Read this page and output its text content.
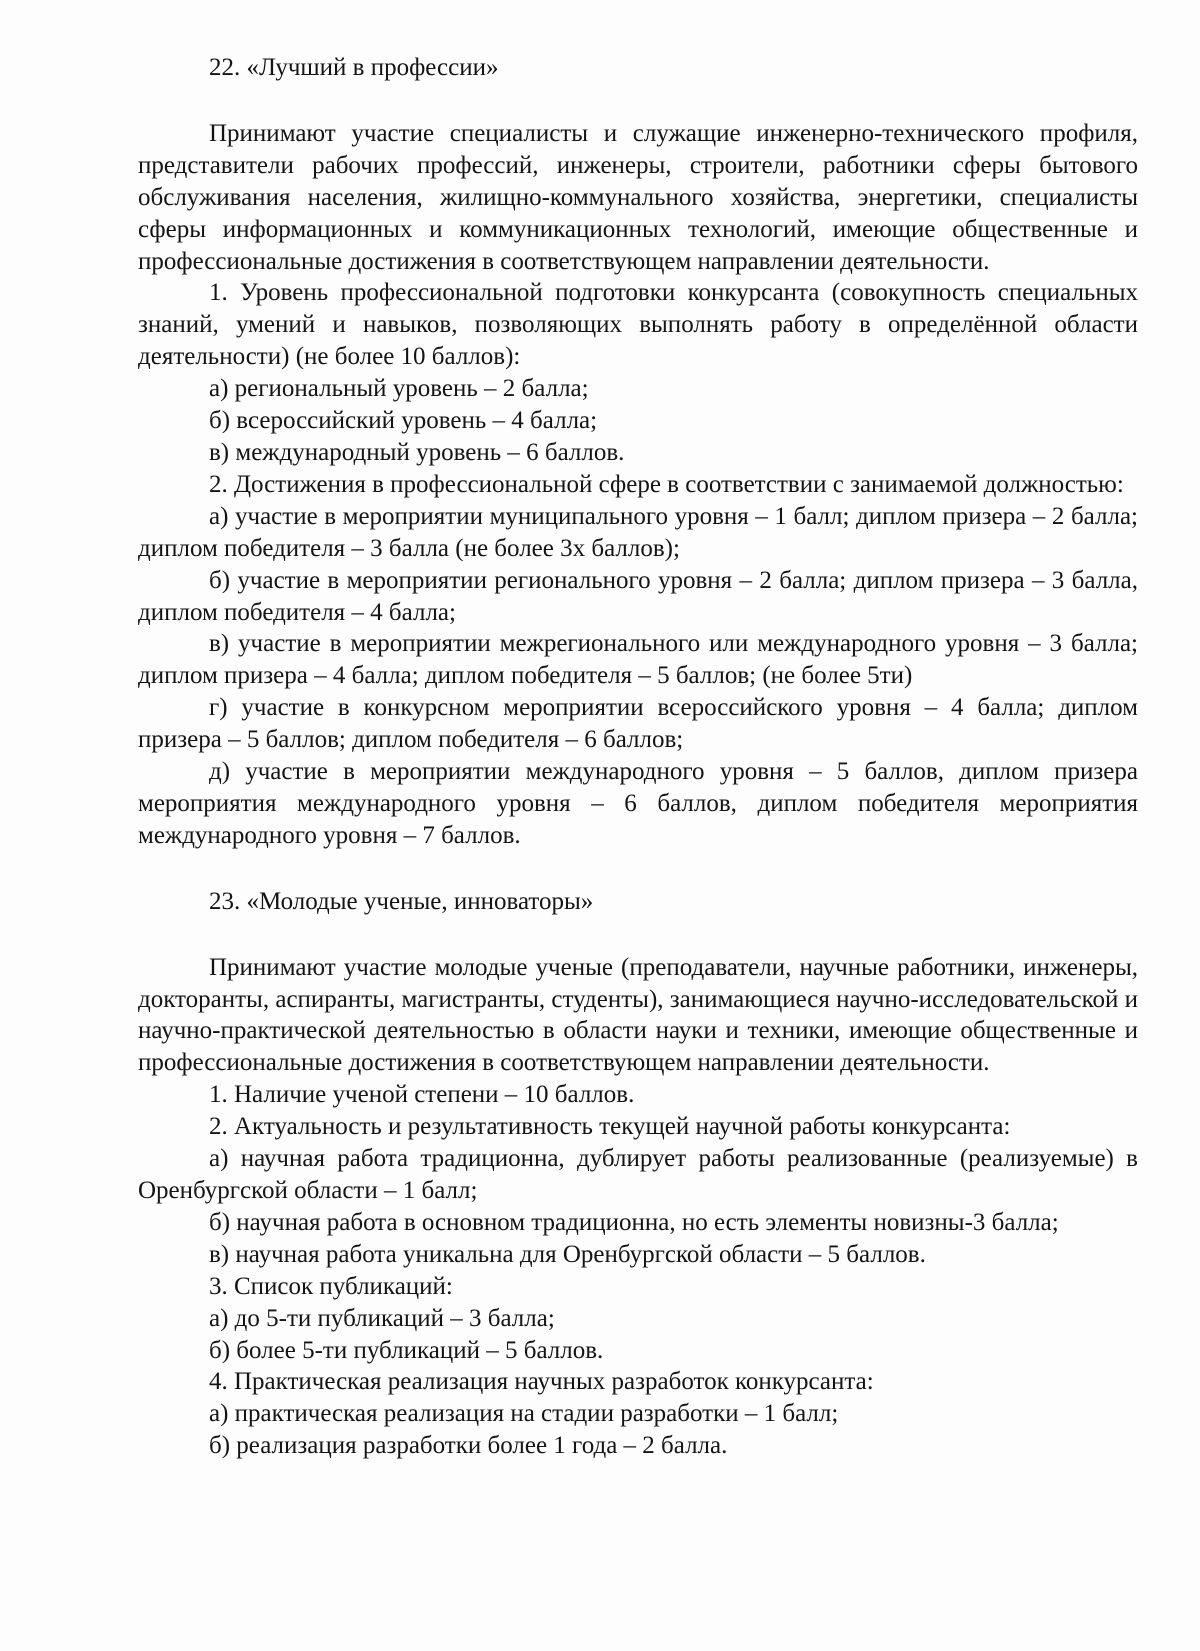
22. «Лучший в профессии»

Принимают участие специалисты и служащие инженерно-технического профиля, представители рабочих профессий, инженеры, строители, работники сферы бытового обслуживания населения, жилищно-коммунального хозяйства, энергетики, специалисты сферы информационных и коммуникационных технологий, имеющие общественные и профессиональные достижения в соответствующем направлении деятельности.

1. Уровень профессиональной подготовки конкурсанта (совокупность специальных знаний, умений и навыков, позволяющих выполнять работу в определённой области деятельности) (не более 10 баллов):

а) региональный уровень – 2 балла;

б) всероссийский уровень – 4 балла;

в) международный уровень – 6 баллов.

2. Достижения в профессиональной сфере в соответствии с занимаемой должностью:

а) участие в мероприятии муниципального уровня – 1 балл; диплом призера – 2 балла; диплом победителя – 3 балла (не более 3х баллов);

б) участие в мероприятии регионального уровня – 2 балла; диплом призера – 3 балла, диплом победителя – 4 балла;

в) участие в мероприятии межрегионального или международного уровня – 3 балла; диплом призера – 4 балла; диплом победителя – 5 баллов; (не более 5ти)

г) участие в конкурсном мероприятии всероссийского уровня – 4 балла; диплом призера – 5 баллов; диплом победителя – 6 баллов;

д) участие в мероприятии международного уровня – 5 баллов, диплом призера мероприятия международного уровня – 6 баллов, диплом победителя мероприятия международного уровня – 7 баллов.

23. «Молодые ученые, инноваторы»

Принимают участие молодые ученые (преподаватели, научные работники, инженеры, докторанты, аспиранты, магистранты, студенты), занимающиеся научно-исследовательской и научно-практической деятельностью в области науки и техники, имеющие общественные и профессиональные достижения в соответствующем направлении деятельности.

1. Наличие ученой степени – 10 баллов.

2. Актуальность и результативность текущей научной работы конкурсанта:

а) научная работа традиционна, дублирует работы реализованные (реализуемые) в Оренбургской области – 1 балл;

б) научная работа в основном традиционна, но есть элементы новизны-3 балла;

в) научная работа уникальна для Оренбургской области – 5 баллов.

3. Список публикаций:

а) до 5-ти публикаций – 3 балла;

б) более 5-ти публикаций – 5 баллов.

4. Практическая реализация научных разработок конкурсанта:

а) практическая реализация на стадии разработки – 1 балл;

б) реализация разработки более 1 года – 2 балла.
